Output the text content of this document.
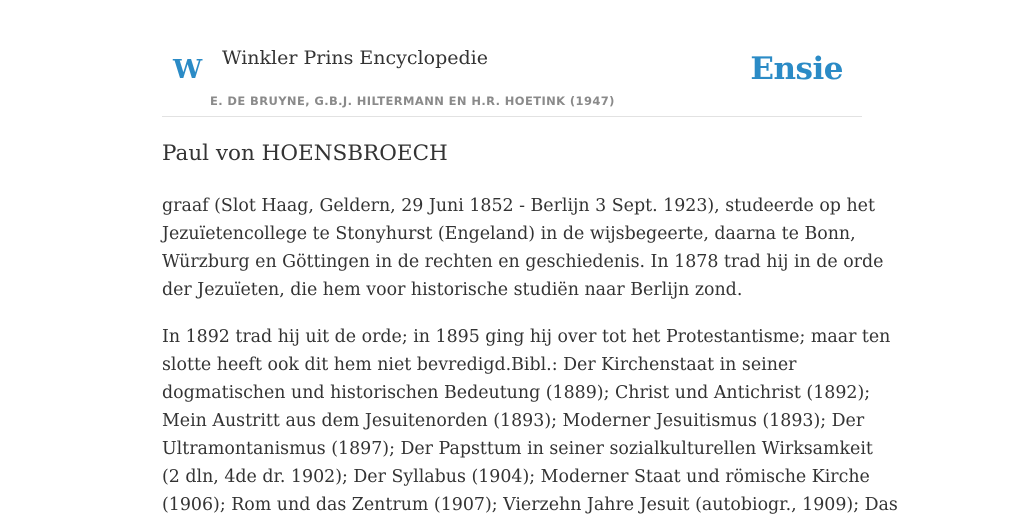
W Winkler Prins Encyclopedie
E. DE BRUYNE, G.B.J. HILTERMANN EN H.R. HOETINK (1947)
Ensie
Paul von HOENSBROECH

graaf (Slot Haag, Geldern, 29 Juni 1852 - Berlijn 3 Sept. 1923), studeerde op het
Jezuïetencollege te Stonyhurst (Engeland) in de wijsbegeerte, daarna te Bonn,
Würzburg en Göttingen in de rechten en geschiedenis. In 1878 trad hij in de orde
der Jezuïeten, die hem voor historische studiën naar Berlijn zond.

In 1892 trad hij uit de orde; in 1895 ging hij over tot het Protestantisme; maar ten
slotte heeft ook dit hem niet bevredigd.Bibl.: Der Kirchenstaat in seiner
dogmatischen und historischen Bedeutung (1889); Christ und Antichrist (1892);
Mein Austritt aus dem Jesuitenorden (1893); Moderner Jesuitismus (1893); Der
Ultramontanismus (1897); Der Papsttum in seiner sozialkulturellen Wirksamkeit
(2 dln, 4de dr. 1902); Der Syllabus (1904); Moderner Staat und römische Kirche
(1906); Rom und das Zentrum (1907); Vierzehn Jahre Jesuit (autobiogr., 1909); Das
